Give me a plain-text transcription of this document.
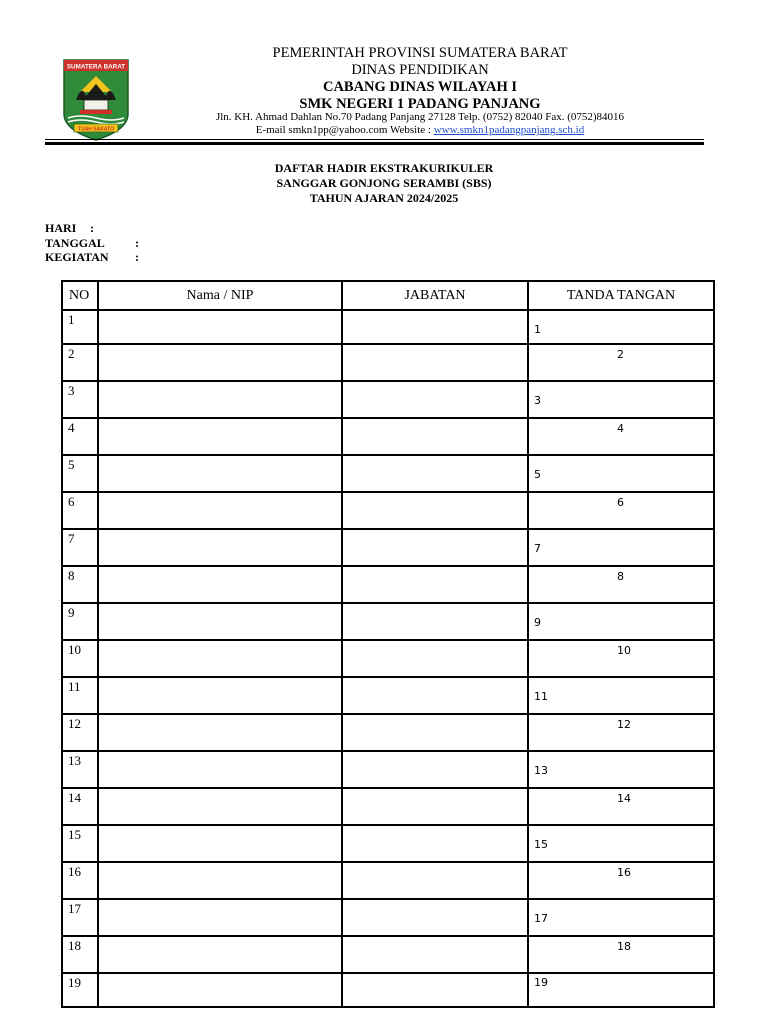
SUMATERA BARAT
TUAH SAKATO
PEMERINTAH PROVINSI SUMATERA BARAT
DINAS PENDIDIKAN
CABANG DINAS WILAYAH I
SMK NEGERI 1 PADANG PANJANG
Jln. KH. Ahmad Dahlan No.70 Padang Panjang 27128 Telp. (0752) 82040 Fax. (0752)84016
E-mail smkn1pp@yahoo.com Website : www.smkn1padangpanjang.sch.id
DAFTAR HADIR EKSTRAKURIKULER
SANGGAR GONJONG SERAMBI (SBS)
TAHUN AJARAN 2024/2025
HARI :
TANGGAL	:
KEGIATAN :
NO	Nama / NIP	JABATAN	TANDA TANGAN
1			1

2			2

3			3

4			4

5			5

6			6

7			7

8			8

9			9

10			10

11			11

12			12

13			13

14			14

15			15

16			16

17			17

18			18

19			19
